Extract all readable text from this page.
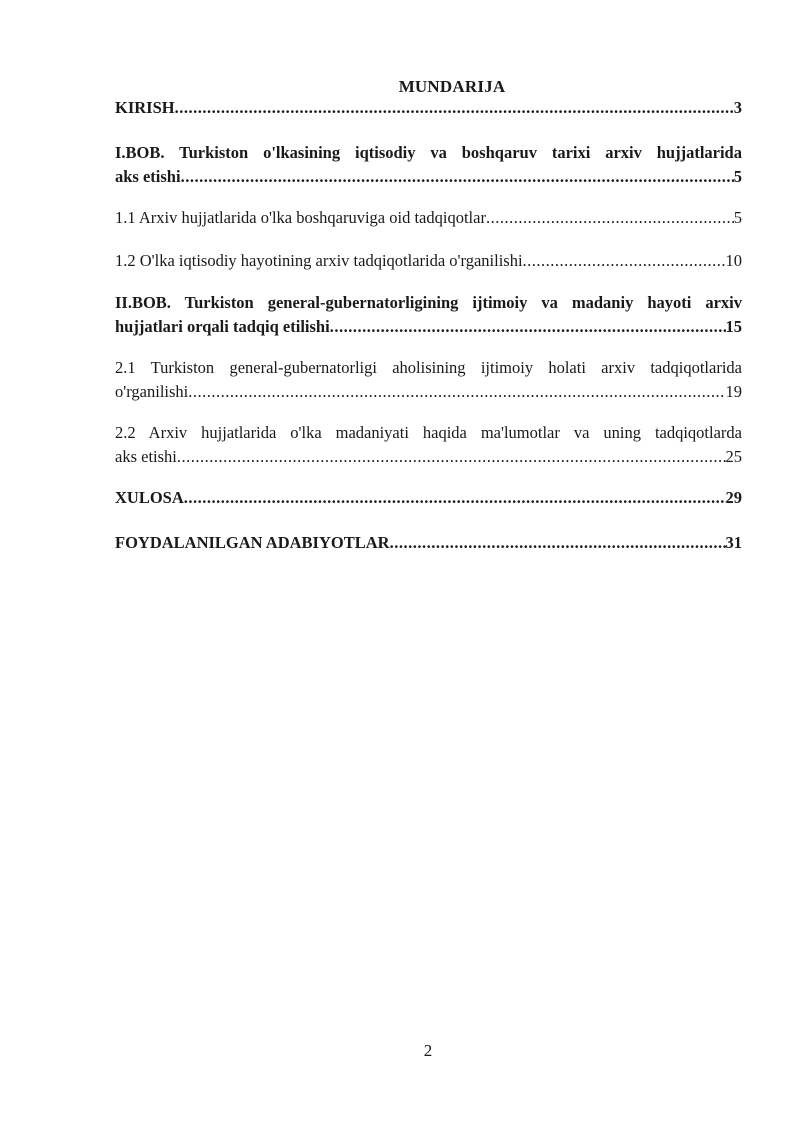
MUNDARIJA
KIRISH .....	3
I.BOB. Turkiston o'lkasining iqtisodiy va boshqaruv tarixi arxiv hujjatlarida
aks etishi .....	5
1.1 Arxiv hujjatlarida o'lka boshqaruviga oid tadqiqotlar .....	5
1.2 O'lka iqtisodiy hayotining arxiv tadqiqotlarida o'rganilishi .....	10
II.BOB. Turkiston general-gubernatorligining ijtimoiy va madaniy hayoti arxiv
hujjatlari orqali tadqiq etilishi .....	15
2.1 Turkiston general-gubernatorligi aholisining ijtimoiy holati arxiv tadqiqotlarida
o'rganilishi .....	19
2.2 Arxiv hujjatlarida o'lka madaniyati haqida ma'lumotlar va uning tadqiqotlarda
aks etishi .....	25
XULOSA .....	29
FOYDALANILGAN ADABIYOTLAR .....	31
2
